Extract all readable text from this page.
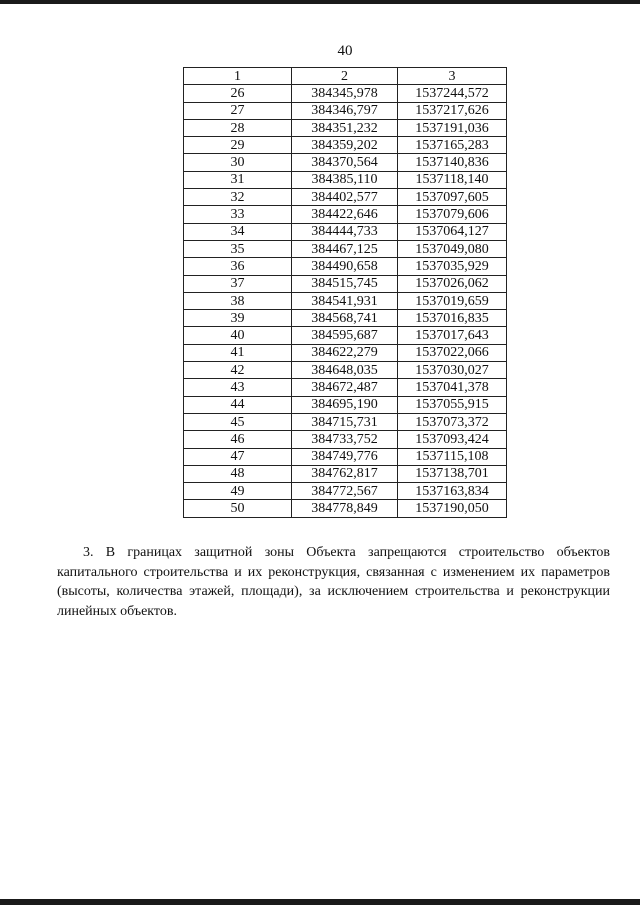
40
1	2	3
26	384345,978	1537244,572
27	384346,797	1537217,626
28	384351,232	1537191,036
29	384359,202	1537165,283
30	384370,564	1537140,836
31	384385,110	1537118,140
32	384402,577	1537097,605
33	384422,646	1537079,606
34	384444,733	1537064,127
35	384467,125	1537049,080
36	384490,658	1537035,929
37	384515,745	1537026,062
38	384541,931	1537019,659
39	384568,741	1537016,835
40	384595,687	1537017,643
41	384622,279	1537022,066
42	384648,035	1537030,027
43	384672,487	1537041,378
44	384695,190	1537055,915
45	384715,731	1537073,372
46	384733,752	1537093,424
47	384749,776	1537115,108
48	384762,817	1537138,701
49	384772,567	1537163,834
50	384778,849	1537190,050

3. В границах защитной зоны Объекта запрещаются строительство объектов капитального строительства и их реконструкция, связанная с изменением их параметров (высоты, количества этажей, площади), за исключением строительства и реконструкции линейных объектов.
